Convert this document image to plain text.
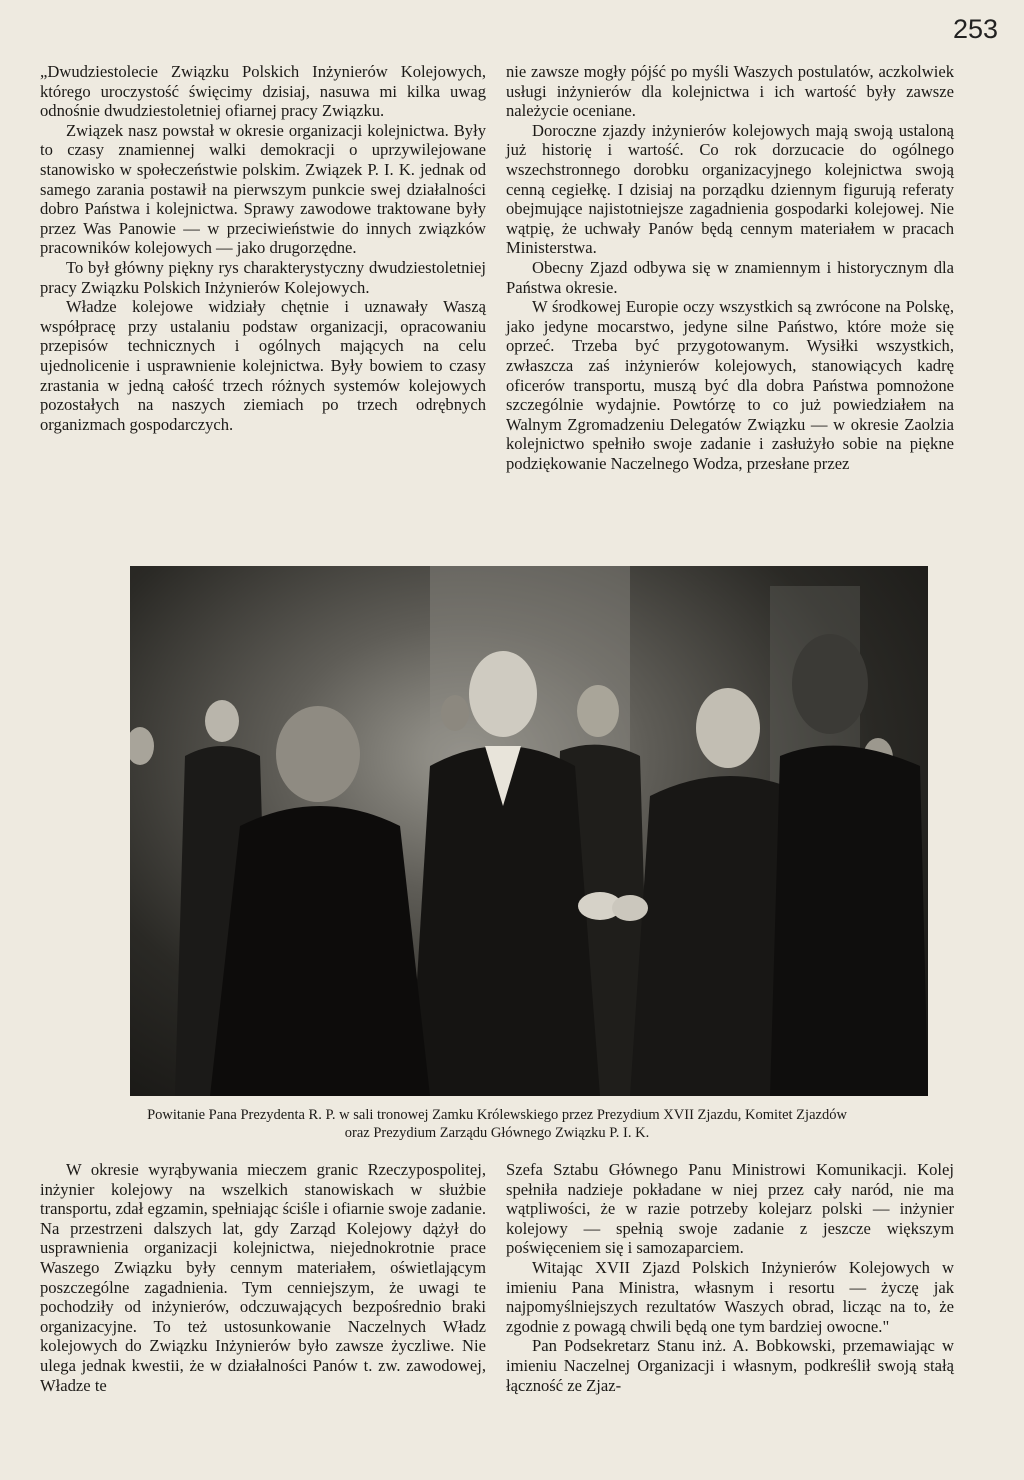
253

„Dwudziestolecie Związku Polskich Inżynierów Kolejowych, którego uroczystość święcimy dzisiaj, nasuwa mi kilka uwag odnośnie dwudziestoletniej ofiarnej pracy Związku.

Związek nasz powstał w okresie organizacji kolejnictwa. Były to czasy znamiennej walki demokracji o uprzywilejowane stanowisko w społeczeństwie polskim. Związek P. I. K. jednak od samego zarania postawił na pierwszym punkcie swej działalności dobro Państwa i kolejnictwa. Sprawy zawodowe traktowane były przez Was Panowie — w przeciwieństwie do innych związków pracowników kolejowych — jako drugorzędne.

To był główny piękny rys charakterystyczny dwudziestoletniej pracy Związku Polskich Inżynierów Kolejowych.

Władze kolejowe widziały chętnie i uznawały Waszą współpracę przy ustalaniu podstaw organizacji, opracowaniu przepisów technicznych i ogólnych mających na celu ujednolicenie i usprawnienie kolejnictwa. Były bowiem to czasy zrastania w jedną całość trzech różnych systemów kolejowych pozostałych na naszych ziemiach po trzech odrębnych organizmach gospodarczych.

nie zawsze mogły pójść po myśli Waszych postulatów, aczkolwiek usługi inżynierów dla kolejnictwa i ich wartość były zawsze należycie oceniane.

Doroczne zjazdy inżynierów kolejowych mają swoją ustaloną już historię i wartość. Co rok dorzucacie do ogólnego wszechstronnego dorobku organizacyjnego kolejnictwa swoją cenną cegiełkę. I dzisiaj na porządku dziennym figurują referaty obejmujące najistotniejsze zagadnienia gospodarki kolejowej. Nie wątpię, że uchwały Panów będą cennym materiałem w pracach Ministerstwa.

Obecny Zjazd odbywa się w znamiennym i historycznym dla Państwa okresie.

W środkowej Europie oczy wszystkich są zwrócone na Polskę, jako jedyne mocarstwo, jedyne silne Państwo, które może się oprzeć. Trzeba być przygotowanym. Wysiłki wszystkich, zwłaszcza zaś inżynierów kolejowych, stanowiących kadrę oficerów transportu, muszą być dla dobra Państwa pomnożone szczególnie wydajnie. Powtórzę to co już powiedziałem na Walnym Zgromadzeniu Delegatów Związku — w okresie Zaolzia kolejnictwo spełniło swoje zadanie i zasłużyło sobie na piękne podziękowanie Naczelnego Wodza, przesłane przez

Powitanie Pana Prezydenta R. P. w sali tronowej Zamku Królewskiego przez Prezydium XVII Zjazdu, Komitet Zjazdów
oraz Prezydium Zarządu Głównego Związku P. I. K.

W okresie wyrąbywania mieczem granic Rzeczypospolitej, inżynier kolejowy na wszelkich stanowiskach w służbie transportu, zdał egzamin, spełniając ściśle i ofiarnie swoje zadanie. Na przestrzeni dalszych lat, gdy Zarząd Kolejowy dążył do usprawnienia organizacji kolejnictwa, niejednokrotnie prace Waszego Związku były cennym materiałem, oświetlającym poszczególne zagadnienia. Tym cenniejszym, że uwagi te pochodziły od inżynierów, odczuwających bezpośrednio braki organizacyjne. To też ustosunkowanie Naczelnych Władz kolejowych do Związku Inżynierów było zawsze życzliwe. Nie ulega jednak kwestii, że w działalności Panów t. zw. zawodowej, Władze te

Szefa Sztabu Głównego Panu Ministrowi Komunikacji. Kolej spełniła nadzieje pokładane w niej przez cały naród, nie ma wątpliwości, że w razie potrzeby kolejarz polski — inżynier kolejowy — spełnią swoje zadanie z jeszcze większym poświęceniem się i samozaparciem.

Witając XVII Zjazd Polskich Inżynierów Kolejowych w imieniu Pana Ministra, własnym i resortu — życzę jak najpomyślniejszych rezultatów Waszych obrad, licząc na to, że zgodnie z powagą chwili będą one tym bardziej owocne."

Pan Podsekretarz Stanu inż. A. Bobkowski, przemawiając w imieniu Naczelnej Organizacji i własnym, podkreślił swoją stałą łączność ze Zjaz-
